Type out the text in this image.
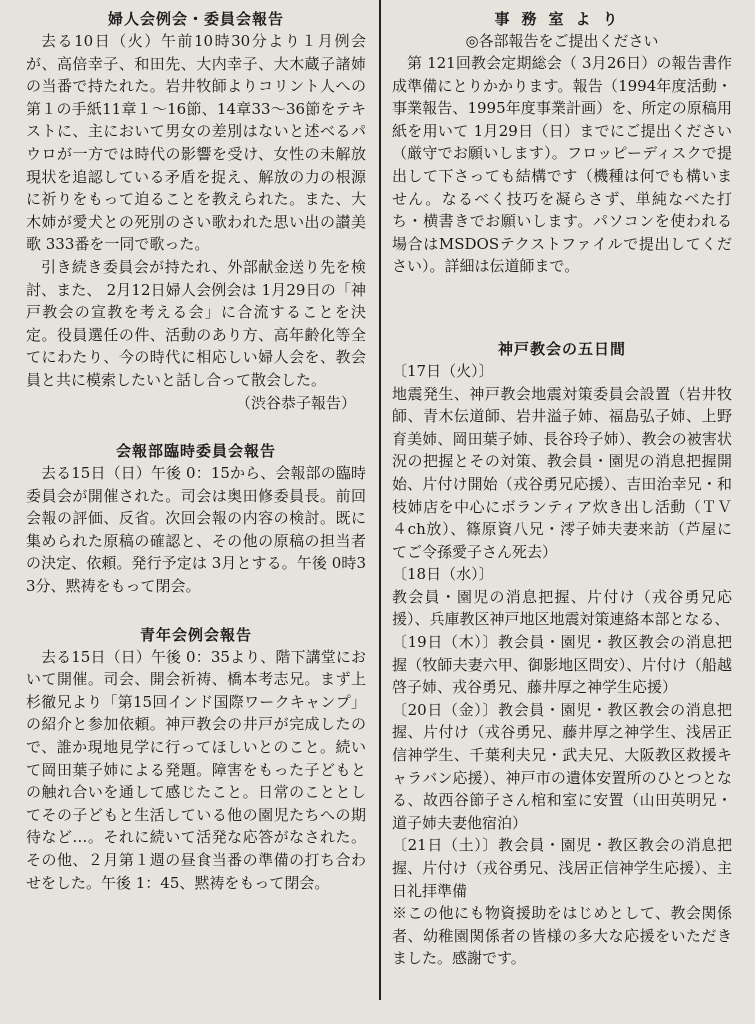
婦人会例会・委員会報告

去る10日（火）午前10時30分より１月例会が、高倍幸子、和田先、大内幸子、大木蔵子諸姉の当番で持たれた。岩井牧師よりコリント人への第１の手紙11章１〜16節、14章33〜36節をテキストに、主において男女の差別はないと述べるパウロが一方では時代の影響を受け、女性の未解放現状を追認している矛盾を捉え、解放の力の根源に祈りをもって迫ることを教えられた。また、大木姉が愛犬との死別のさい歌われた思い出の讃美歌 333番を一同で歌った。

引き続き委員会が持たれ、外部献金送り先を検討、また、 2月12日婦人会例会は 1月29日の「神戸教会の宣教を考える会」に合流することを決定。役員選任の件、活動のあり方、高年齢化等全てにわたり、今の時代に相応しい婦人会を、教会員と共に模索したいと話し合って散会した。

（渋谷恭子報告）

会報部臨時委員会報告

去る15日（日）午後 0：15から、会報部の臨時委員会が開催された。司会は奥田修委員長。前回会報の評価、反省。次回会報の内容の検討。既に集められた原稿の確認と、その他の原稿の担当者の決定、依頼。発行予定は 3月とする。午後 0時33分、黙祷をもって閉会。

青年会例会報告

去る15日（日）午後 0：35より、階下講堂において開催。司会、開会祈祷、橋本考志兄。まず上杉徹兄より「第15回インド国際ワークキャンプ」の紹介と参加依頼。神戸教会の井戸が完成したので、誰か現地見学に行ってほしいとのこと。続いて岡田葉子姉による発題。障害をもった子どもとの触れ合いを通して感じたこと。日常のこととしてその子どもと生活している他の園児たちへの期待など…。それに続いて活発な応答がなされた。その他、２月第１週の昼食当番の準備の打ち合わせをした。午後 1：45、黙祷をもって閉会。

事務室より

◎各部報告をご提出ください

第 121回教会定期総会（ 3月26日）の報告書作成準備にとりかかります。報告（1994年度活動・事業報告、1995年度事業計画）を、所定の原稿用紙を用いて 1月29日（日）までにご提出ください（厳守でお願いします）。フロッピーディスクで提出して下さっても結構です（機種は何でも構いません。なるべく技巧を凝らさず、単純なべた打ち・横書きでお願いします。パソコンを使われる場合はMSDOSテクストファイルで提出してください）。詳細は伝道師まで。

神戸教会の五日間

〔17日（火）〕

地震発生、神戸教会地震対策委員会設置（岩井牧師、青木伝道師、岩井溢子姉、福島弘子姉、上野育美姉、岡田葉子姉、長谷玲子姉）、教会の被害状況の把握とその対策、教会員・園児の消息把握開始、片付け開始（戎谷勇兄応援）、吉田治幸兄・和枝姉店を中心にボランティア炊き出し活動（ＴＶ４ch放）、篠原資八兄・澪子姉夫妻来訪（芦屋にてご令孫愛子さん死去）

〔18日（水）〕

教会員・園児の消息把握、片付け（戎谷勇兄応援）、兵庫教区神戸地区地震対策連絡本部となる、

〔19日（木）〕教会員・園児・教区教会の消息把握（牧師夫妻六甲、御影地区問安）、片付け（船越啓子姉、戎谷勇兄、藤井厚之神学生応援）

〔20日（金）〕教会員・園児・教区教会の消息把握、片付け（戎谷勇兄、藤井厚之神学生、浅居正信神学生、千葉利夫兄・武夫兄、大阪教区救援キャラバン応援）、神戸市の遺体安置所のひとつとなる、故西谷節子さん棺和室に安置（山田英明兄・道子姉夫妻他宿泊）

〔21日（土）〕教会員・園児・教区教会の消息把握、片付け（戎谷勇兄、浅居正信神学生応援）、主日礼拝準備

※この他にも物資援助をはじめとして、教会関係者、幼稚園関係者の皆様の多大な応援をいただきました。感謝です。
